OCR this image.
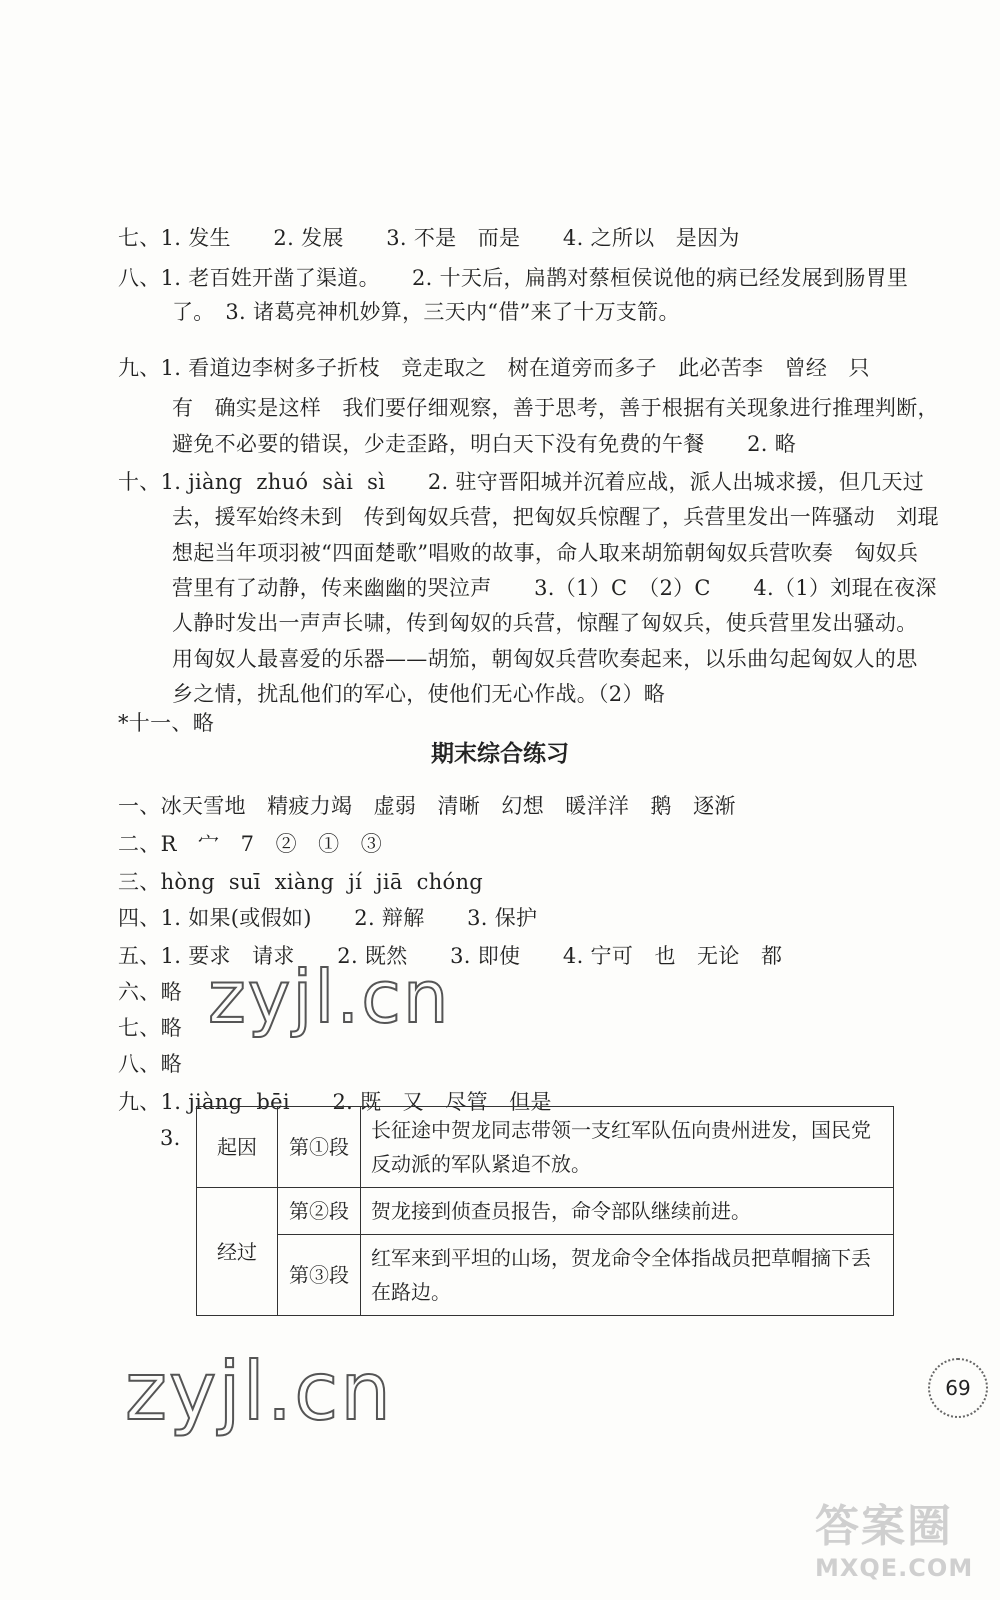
七、1. 发生　　2. 发展　　3. 不是　而是　　4. 之所以　是因为
八、1. 老百姓开凿了渠道。　　2. 十天后，扁鹊对蔡桓侯说他的病已经发展到肠胃里
了。　3. 诸葛亮神机妙算，三天内“借”来了十万支箭。
九、1. 看道边李树多子折枝　竞走取之　树在道旁而多子　此必苦李　曾经　只
有　确实是这样　我们要仔细观察，善于思考，善于根据有关现象进行推理判断，
避免不必要的错误，少走歪路，明白天下没有免费的午餐　　2. 略
十、1. jiàng  zhuó  sài  sì　　2. 驻守晋阳城并沉着应战，派人出城求援，但几天过
去，援军始终未到　传到匈奴兵营，把匈奴兵惊醒了，兵营里发出一阵骚动　刘琨
想起当年项羽被“四面楚歌”唱败的故事，命人取来胡笳朝匈奴兵营吹奏　匈奴兵
营里有了动静，传来幽幽的哭泣声　　3.（1）C　（2）C　　4.（1）刘琨在夜深
人静时发出一声声长啸，传到匈奴的兵营，惊醒了匈奴兵，使兵营里发出骚动。
用匈奴人最喜爱的乐器——胡笳，朝匈奴兵营吹奏起来，以乐曲勾起匈奴人的思
乡之情，扰乱他们的军心，使他们无心作战。（2）略
*十一、略
期末综合练习
一、冰天雪地　精疲力竭　虚弱　清晰　幻想　暖洋洋　鹅　逐渐
二、R　宀　7　②　①　③
三、hòng  suī  xiàng  jí  jiā  chóng
四、1. 如果(或假如)　　2. 辩解　　3. 保护
五、1. 要求　请求　　2. 既然　　3. 即使　　4. 宁可　也　无论　都
六、略
七、略
八、略
九、1. jiàng  bēi　　2. 既　又　尽管　但是
3. 起因	第①段	长征途中贺龙同志带领一支红军队伍向贵州进发，国民党反动派的军队紧追不放。
经过	第②段	贺龙接到侦查员报告，命令部队继续前进。
	第③段	红军来到平坦的山场，贺龙命令全体指战员把草帽摘下丢在路边。
zyjl.cn
zyjl.cn	69
答案圈
MXQE.COM
